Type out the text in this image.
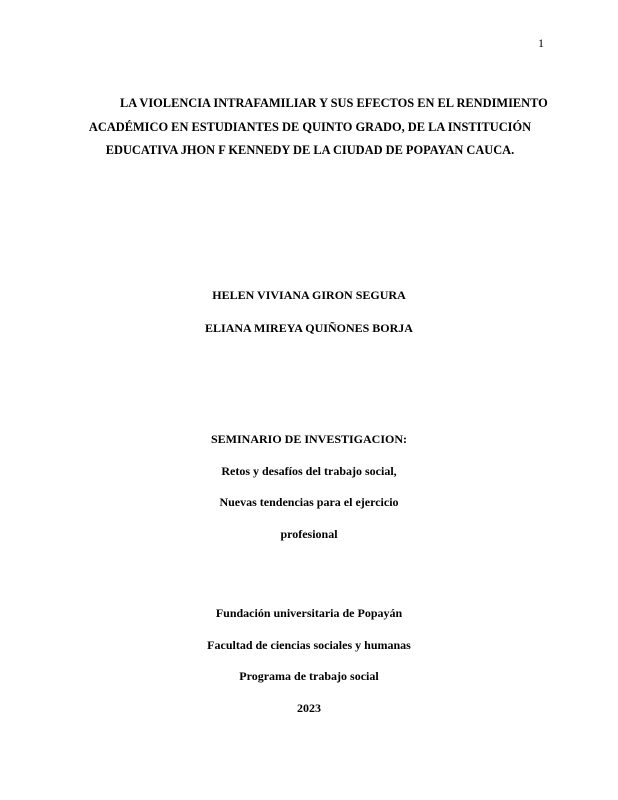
1
LA VIOLENCIA INTRAFAMILIAR Y SUS EFECTOS EN EL RENDIMIENTO
ACADÉMICO EN ESTUDIANTES DE QUINTO GRADO, DE LA INSTITUCIÓN
EDUCATIVA JHON F KENNEDY DE LA CIUDAD DE POPAYAN CAUCA.
HELEN VIVIANA GIRON SEGURA
ELIANA MIREYA QUIÑONES BORJA
SEMINARIO DE INVESTIGACION:
Retos y desafíos del trabajo social,
Nuevas tendencias para el ejercicio
profesional
Fundación universitaria de Popayán
Facultad de ciencias sociales y humanas
Programa de trabajo social
2023
